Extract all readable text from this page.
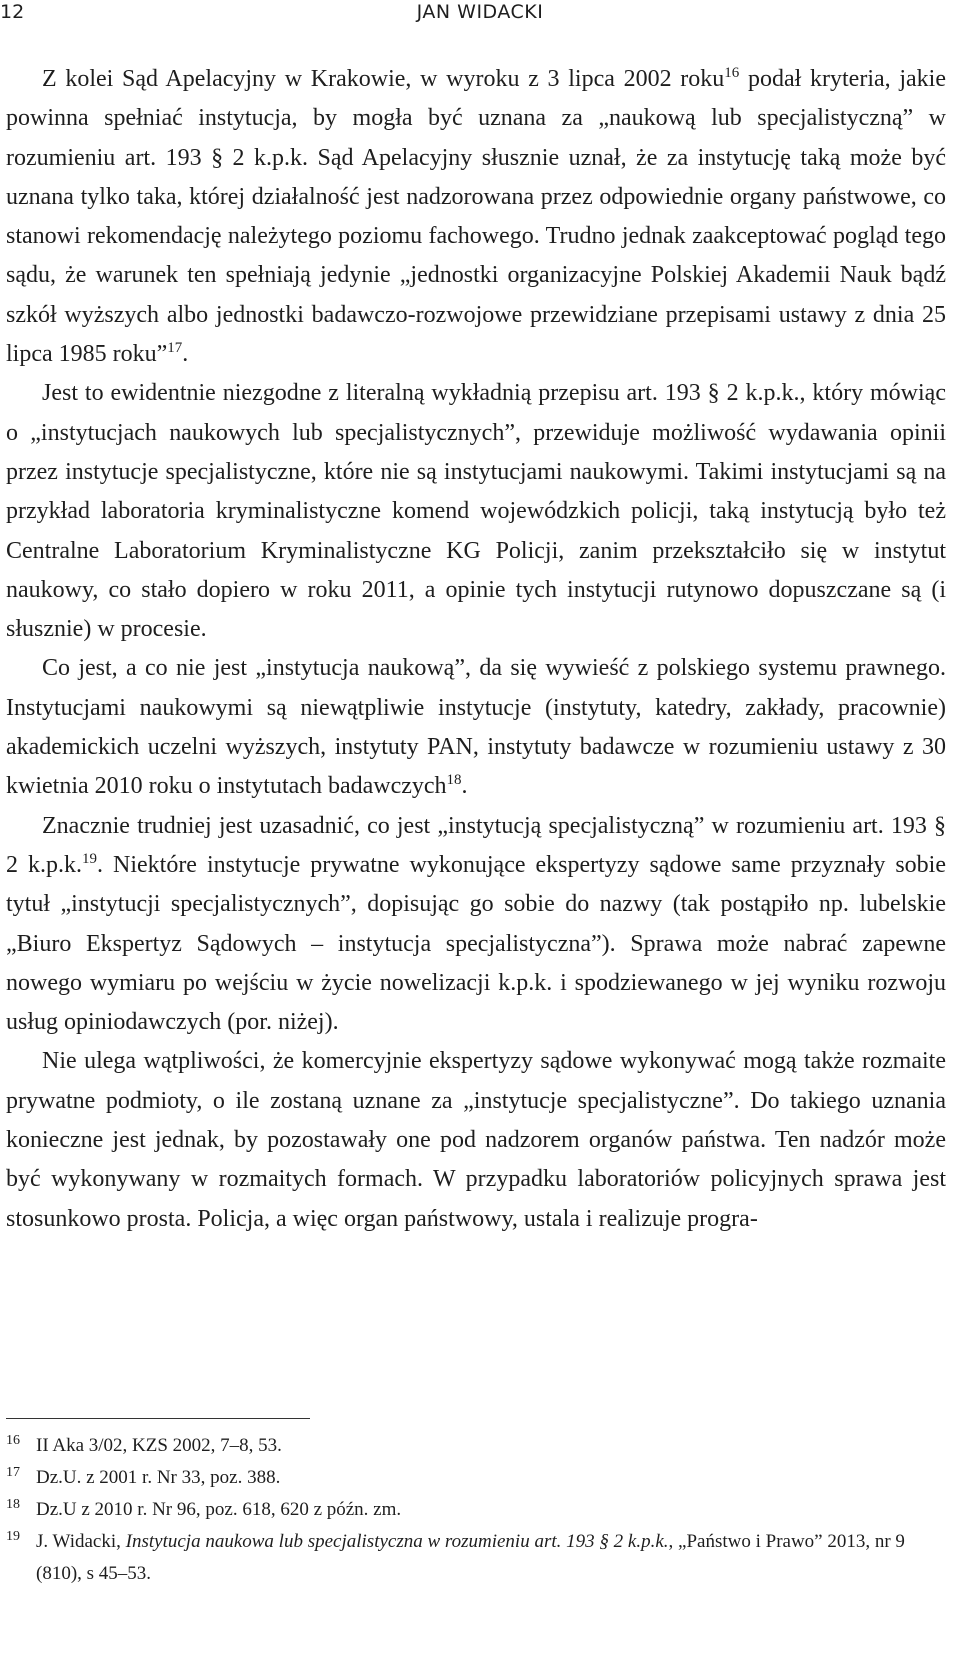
12	JAN WIDACKI

Z kolei Sąd Apelacyjny w Krakowie, w wyroku z 3 lipca 2002 roku$^{16}$ podał kryteria, jakie powinna spełniać instytucja, by mogła być uznana za „naukową lub specjalistyczną” w rozumieniu art. 193 § 2 k.p.k. Sąd Apelacyjny słusznie uznał, że za instytucję taką może być uznana tylko taka, której działalność jest nadzorowana przez odpowiednie organy państwowe, co stanowi rekomendację należytego poziomu fachowego. Trudno jednak zaakceptować pogląd tego sądu, że warunek ten spełniają jedynie „jednostki organizacyjne Polskiej Akademii Nauk bądź szkół wyższych albo jednostki badawczo-rozwojowe przewidziane przepisami ustawy z dnia 25 lipca 1985 roku”$^{17}$.

Jest to ewidentnie niezgodne z literalną wykładnią przepisu art. 193 § 2 k.p.k., który mówiąc o „instytucjach naukowych lub specjalistycznych”, przewiduje możliwość wydawania opinii przez instytucje specjalistyczne, które nie są instytucjami naukowymi. Takimi instytucjami są na przykład laboratoria kryminalistyczne komend wojewódzkich policji, taką instytucją było też Centralne Laboratorium Kryminalistyczne KG Policji, zanim przekształciło się w instytut naukowy, co stało dopiero w roku 2011, a opinie tych instytucji rutynowo dopuszczane są (i słusznie) w procesie.

Co jest, a co nie jest „instytucja naukową”, da się wywieść z polskiego systemu prawnego. Instytucjami naukowymi są niewątpliwie instytucje (instytuty, katedry, zakłady, pracownie) akademickich uczelni wyższych, instytuty PAN, instytuty badawcze w rozumieniu ustawy z 30 kwietnia 2010 roku o instytutach badawczych$^{18}$.

Znacznie trudniej jest uzasadnić, co jest „instytucją specjalistyczną” w rozumieniu art. 193 § 2 k.p.k.$^{19}$. Niektóre instytucje prywatne wykonujące ekspertyzy sądowe same przyznały sobie tytuł „instytucji specjalistycznych”, dopisując go sobie do nazwy (tak postąpiło np. lubelskie „Biuro Ekspertyz Sądowych – instytucja specjalistyczna”). Sprawa może nabrać zapewne nowego wymiaru po wejściu w życie nowelizacji k.p.k. i spodziewanego w jej wyniku rozwoju usług opiniodawczych (por. niżej).

Nie ulega wątpliwości, że komercyjnie ekspertyzy sądowe wykonywać mogą także rozmaite prywatne podmioty, o ile zostaną uznane za „instytucje specjalistyczne”. Do takiego uznania konieczne jest jednak, by pozostawały one pod nadzorem organów państwa. Ten nadzór może być wykonywany w rozmaitych formach. W przypadku laboratoriów policyjnych sprawa jest stosunkowo prosta. Policja, a więc organ państwowy, ustala i realizuje progra-

16 II Aka 3/02, KZS 2002, 7–8, 53.
17 Dz.U. z 2001 r. Nr 33, poz. 388.
18 Dz.U z 2010 r. Nr 96, poz. 618, 620 z późn. zm.
19 J. Widacki, Instytucja naukowa lub specjalistyczna w rozumieniu art. 193 § 2 k.p.k., „Państwo i Prawo” 2013, nr 9 (810), s 45–53.
